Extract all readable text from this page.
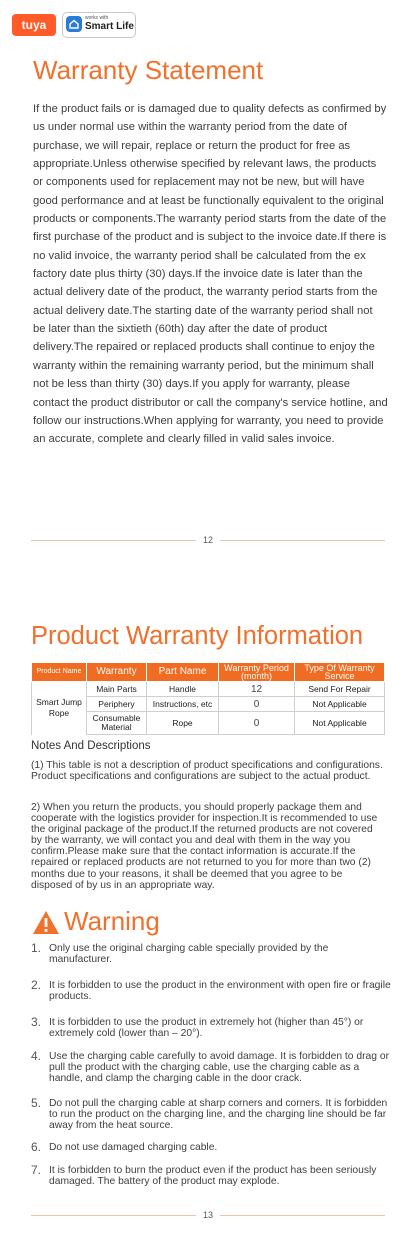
tuya	works with
Smart Life
Warranty Statement

If the product fails or is damaged due to quality defects as confirmed by us under normal use within the warranty period from the date of purchase, we will repair, replace or return the product for free as appropriate.Unless otherwise specified by relevant laws, the products or components used for replacement may not be new, but will have good performance and at least be functionally equivalent to the original products or components.The warranty period starts from the date of the first purchase of the product and is subject to the invoice date.If there is no valid invoice, the warranty period shall be calculated from the ex factory date plus thirty (30) days.If the invoice date is later than the actual delivery date of the product, the warranty period starts from the actual delivery date.The starting date of the warranty period shall not be later than the sixtieth (60th) day after the date of product delivery.The repaired or replaced products shall continue to enjoy the warranty within the remaining warranty period, but the minimum shall not be less than thirty (30) days.If you apply for warranty, please contact the product distributor or call the company's service hotline, and follow our instructions.When applying for warranty, you need to provide an accurate, complete and clearly filled in valid sales invoice.

12
Product Warranty Information
Product Name	Warranty	Part Name	Warranty Period (month)	Type Of Warranty Service
Smart Jump Rope	Main Parts	Handle	12	Send For Repair
	Periphery	Instructions, etc	0	Not Applicable
	Consumable Material	Rope	0	Not Applicable
Notes And Descriptions

(1) This table is not a description of product specifications and configurations. Product specifications and configurations are subject to the actual product.

2) When you return the products, you should properly package them and cooperate with the logistics provider for inspection.It is recommended to use the original package of the product.If the returned products are not covered by the warranty, we will contact you and deal with them in the way you confirm.Please make sure that the contact information is accurate.If the repaired or replaced products are not returned to you for more than two (2) months due to your reasons, it shall be deemed that you agree to be disposed of by us in an appropriate way.

Warning
1. Only use the original charging cable specially provided by the manufacturer.

2. It is forbidden to use the product in the environment with open fire or fragile products.

3. It is forbidden to use the product in extremely hot (higher than 45°) or extremely cold (lower than – 20°).

4. Use the charging cable carefully to avoid damage. It is forbidden to drag or pull the product with the charging cable, use the charging cable as a handle, and clamp the charging cable in the door crack.

5. Do not pull the charging cable at sharp corners and corners. It is forbidden to run the product on the charging line, and the charging line should be far away from the heat source.

6. Do not use damaged charging cable.

7. It is forbidden to burn the product even if the product has been seriously damaged. The battery of the product may explode.

13
